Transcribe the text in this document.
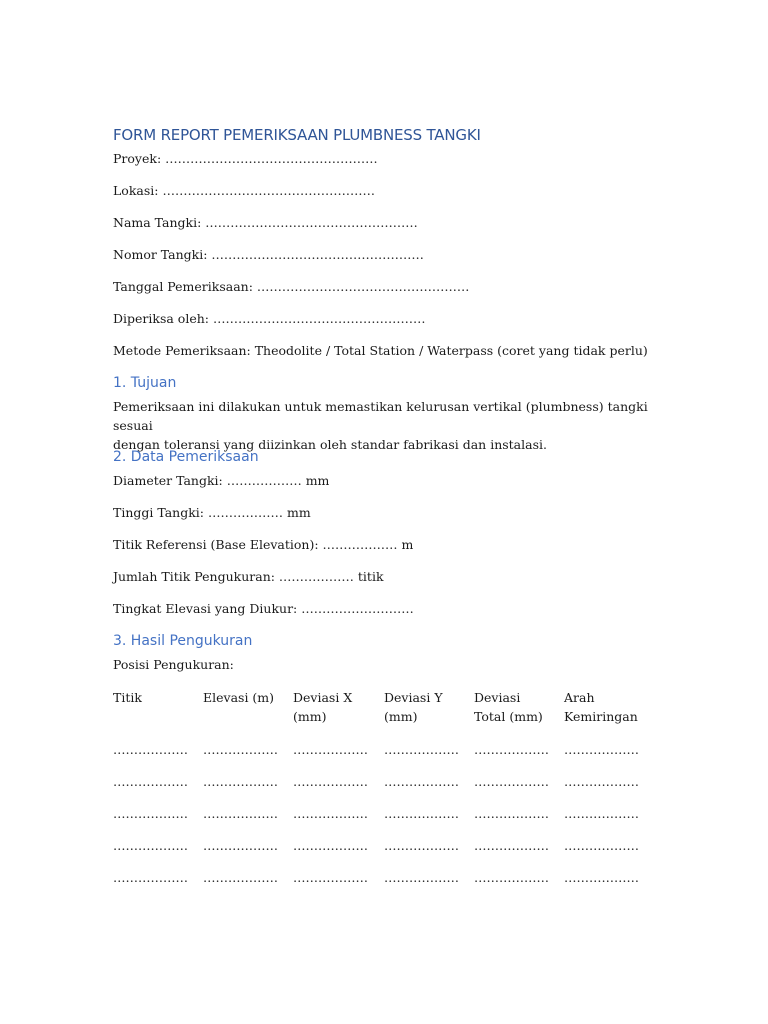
FORM REPORT PEMERIKSAAN PLUMBNESS TANGKI
Proyek: ……………………………………………
Lokasi: ……………………………………………
Nama Tangki: ……………………………………………
Nomor Tangki: ……………………………………………
Tanggal Pemeriksaan: ……………………………………………
Diperiksa oleh: ……………………………………………
Metode Pemeriksaan: Theodolite / Total Station / Waterpass (coret yang tidak perlu)
1. Tujuan
Pemeriksaan ini dilakukan untuk memastikan kelurusan vertikal (plumbness) tangki sesuai
dengan toleransi yang diizinkan oleh standar fabrikasi dan instalasi.
2. Data Pemeriksaan
Diameter Tangki: ……………… mm
Tinggi Tangki: ……………… mm
Titik Referensi (Base Elevation): ……………… m
Jumlah Titik Pengukuran: ……………… titik
Tingkat Elevasi yang Diukur: ………………………
3. Hasil Pengukuran
Posisi Pengukuran:
Titik	Elevasi (m) Deviasi X
(mm)
Deviasi Y
(mm)
Deviasi
Total (mm)
Arah
Kemiringan
……………… ……………… ……………… ……………… ……………… ………………
……………… ……………… ……………… ……………… ……………… ………………
……………… ……………… ……………… ……………… ……………… ………………
……………… ……………… ……………… ……………… ……………… ………………
……………… ……………… ……………… ……………… ……………… ………………
